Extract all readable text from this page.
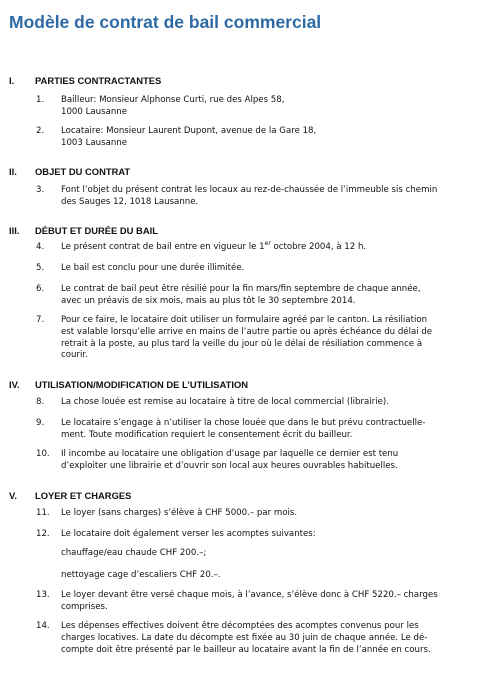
Modèle de contrat de bail commercial
I. PARTIES CONTRACTANTES
1.	Bailleur: Monsieur Alphonse Curti, rue des Alpes 58,
1000 Lausanne
2.	Locataire: Monsieur Laurent Dupont, avenue de la Gare 18,
1003 Lausanne
II. OBJET DU CONTRAT
3.	Font l’objet du présent contrat les locaux au rez-de-chaussée de l’immeuble sis chemin
des Sauges 12, 1018 Lausanne.
III. DÉBUT ET DURÉE DU BAIL
4.	Le présent contrat de bail entre en vigueur le 1er octobre 2004, à 12 h.
5.	Le bail est conclu pour une durée illimitée.
6.	Le contrat de bail peut être résilié pour la fin mars/fin septembre de chaque année,
avec un préavis de six mois, mais au plus tôt le 30 septembre 2014.
7.	Pour ce faire, le locataire doit utiliser un formulaire agréé par le canton. La résiliation
est valable lorsqu’elle arrive en mains de l’autre partie ou après échéance du délai de
retrait à la poste, au plus tard la veille du jour où le délai de résiliation commence à
courir.
IV. UTILISATION/MODIFICATION DE L’UTILISATION
8.	La chose louée est remise au locataire à titre de local commercial (librairie).
9.	Le locataire s’engage à n’utiliser la chose louée que dans le but prévu contractuelle-
ment. Toute modification requiert le consentement écrit du bailleur.
10.	Il incombe au locataire une obligation d’usage par laquelle ce dernier est tenu
d’exploiter une librairie et d’ouvrir son local aux heures ouvrables habituelles.
V. LOYER ET CHARGES
11.	Le loyer (sans charges) s’élève à CHF 5000.– par mois.
12.	Le locataire doit également verser les acomptes suivantes:
chauffage/eau chaude CHF 200.–;
nettoyage cage d’escaliers CHF 20.–.
13.	Le loyer devant être versé chaque mois, à l’avance, s’élève donc à CHF 5220.– charges
comprises.
14.	Les dépenses effectives doivent être décomptées des acomptes convenus pour les
charges locatives. La date du décompte est fixée au 30 juin de chaque année. Le dé-
compte doit être présenté par le bailleur au locataire avant la fin de l’année en cours.
